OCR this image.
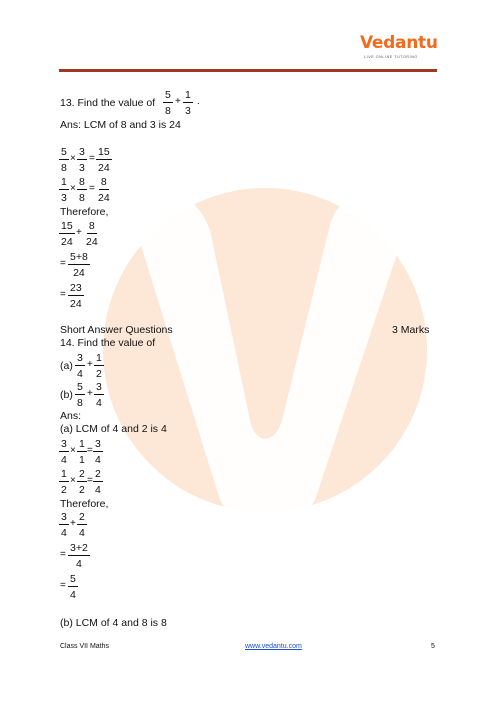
Vedantu
LIVE ONLINE TUTORING
13. Find the value of $\frac{5}{8} + \frac{1}{3}$ .
Ans: LCM of 8 and 3 is 24
$\frac{5}{8} \times \frac{3}{3} = \frac{15}{24}$
$\frac{1}{3} \times \frac{8}{8} = \frac{8}{24}$
Therefore,
$\frac{15}{24} + \frac{8}{24}$
= $\frac{5+8}{24}$
= $\frac{23}{24}$
Short Answer Questions	3 Marks
14. Find the value of
$(a) \frac{3}{4} + \frac{1}{2}$
$(b) \frac{5}{8} + \frac{3}{4}$
Ans:
(a) LCM of 4 and 2 is 4
$\frac{3}{4} \times \frac{1}{1} = \frac{3}{4}$
$\frac{1}{2} \times \frac{2}{2} = \frac{2}{4}$
Therefore,
$\frac{3}{4} + \frac{2}{4}$
= $\frac{3+2}{4}$
= $\frac{5}{4}$
(b) LCM of 4 and 8 is 8
Class VII Maths	www.vedantu.com	5
